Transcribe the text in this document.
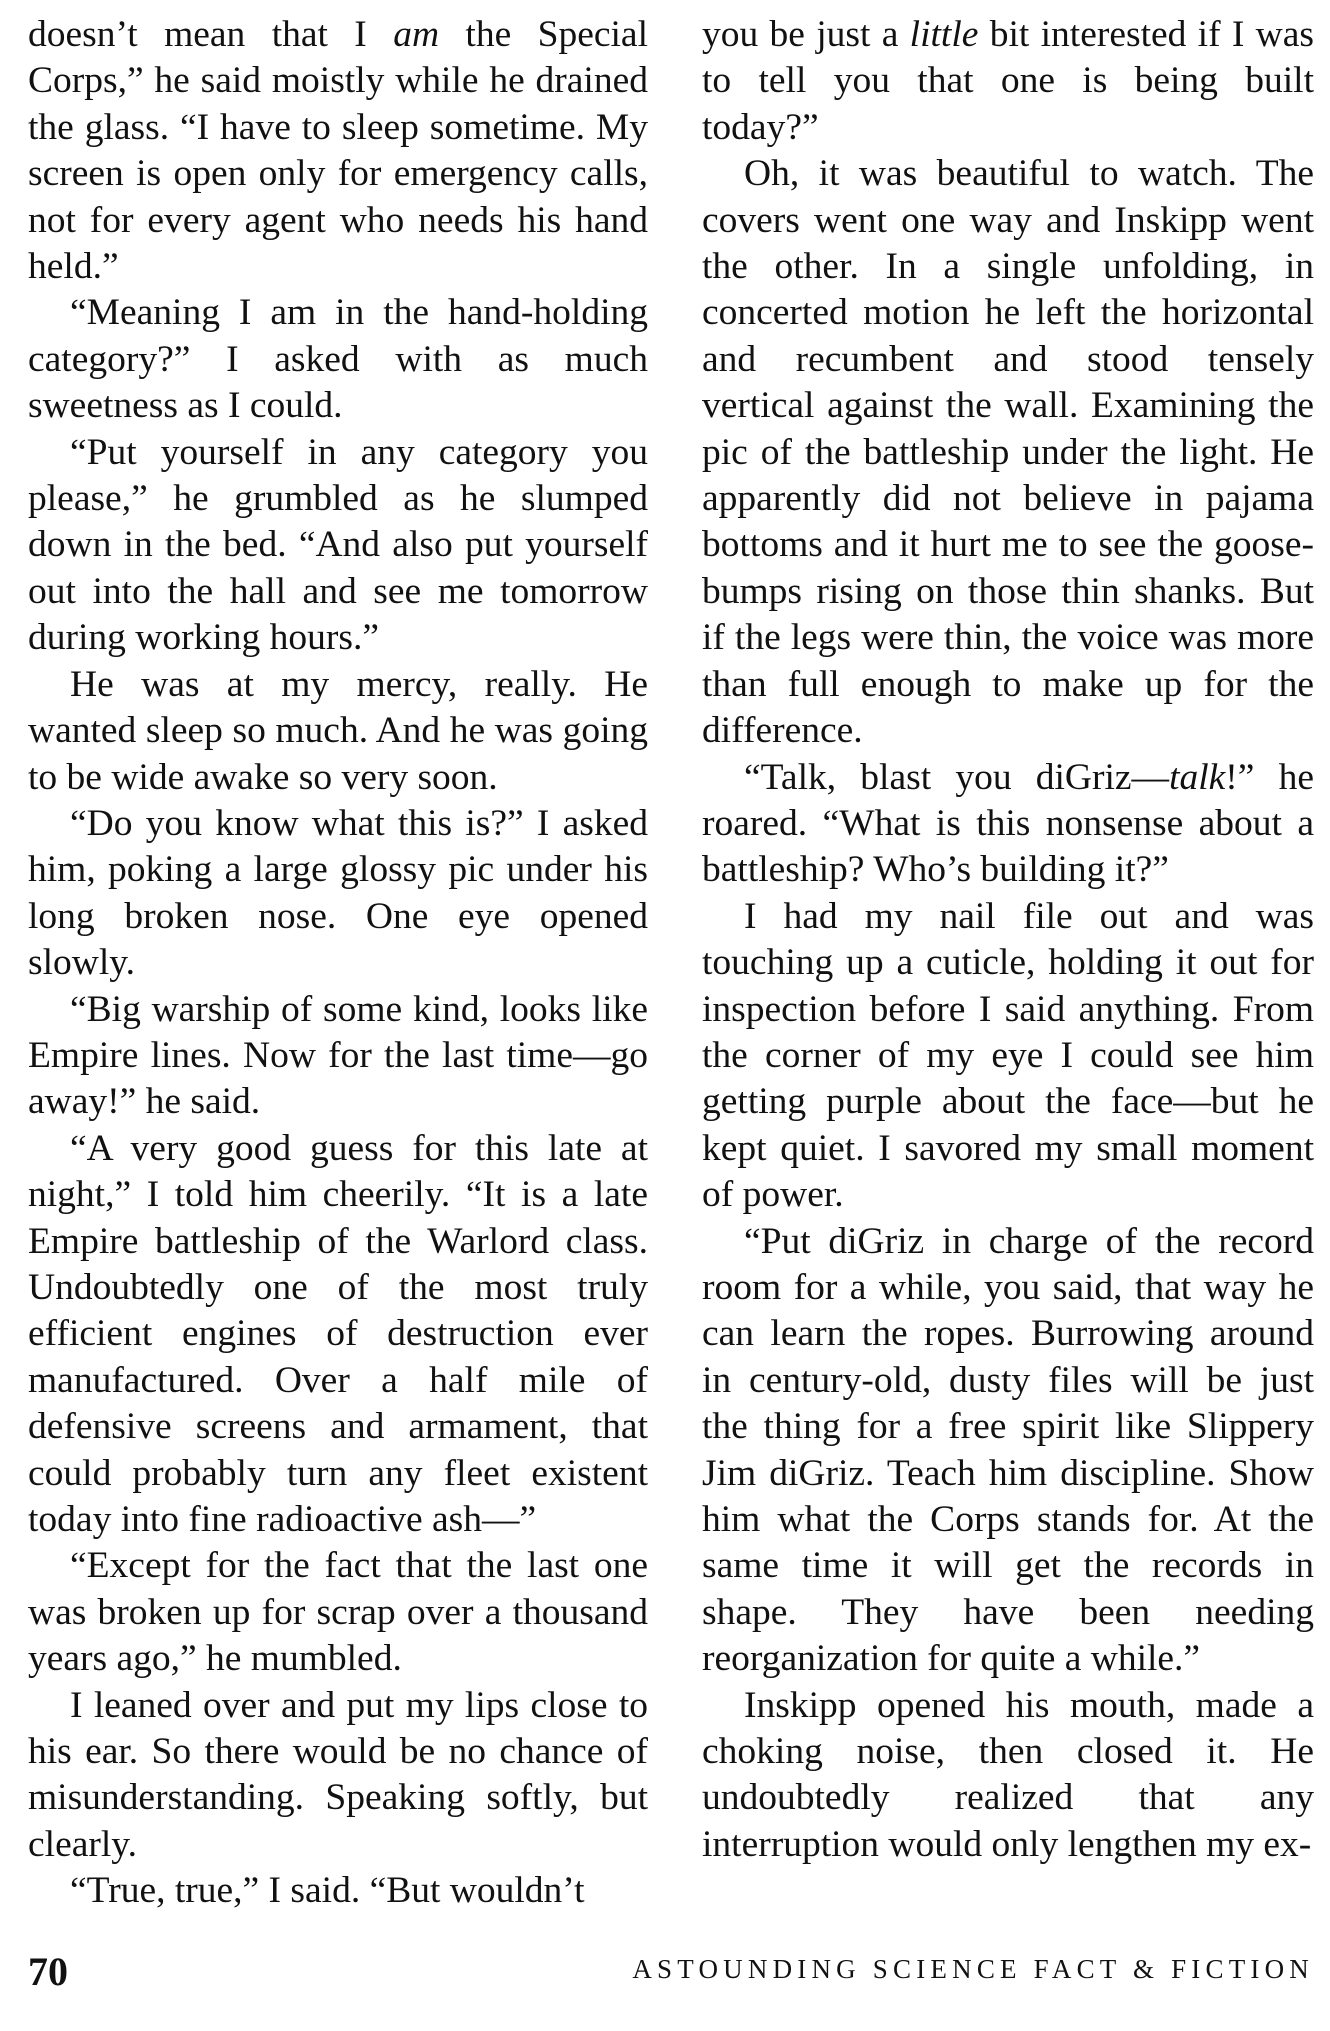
doesn’t mean that I am the Special Corps,” he said moistly while he drained the glass. “I have to sleep sometime. My screen is open only for emergency calls, not for every agent who needs his hand held.”

“Meaning I am in the hand-holding category?” I asked with as much sweetness as I could.

“Put yourself in any category you please,” he grumbled as he slumped down in the bed. “And also put yourself out into the hall and see me tomorrow during working hours.”

He was at my mercy, really. He wanted sleep so much. And he was going to be wide awake so very soon.

“Do you know what this is?” I asked him, poking a large glossy pic under his long broken nose. One eye opened slowly.

“Big warship of some kind, looks like Empire lines. Now for the last time—go away!” he said.

“A very good guess for this late at night,” I told him cheerily. “It is a late Empire battleship of the Warlord class. Undoubtedly one of the most truly efficient engines of destruction ever manufactured. Over a half mile of defensive screens and armament, that could probably turn any fleet existent today into fine radioactive ash—”

“Except for the fact that the last one was broken up for scrap over a thousand years ago,” he mumbled.

I leaned over and put my lips close to his ear. So there would be no chance of misunderstanding. Speaking softly, but clearly.

“True, true,” I said. “But wouldn’t

you be just a little bit interested if I was to tell you that one is being built today?”

Oh, it was beautiful to watch. The covers went one way and Inskipp went the other. In a single unfolding, in concerted motion he left the horizontal and recumbent and stood tensely vertical against the wall. Examining the pic of the battleship under the light. He apparently did not believe in pajama bottoms and it hurt me to see the goose-bumps rising on those thin shanks. But if the legs were thin, the voice was more than full enough to make up for the difference.

“Talk, blast you diGriz—talk!” he roared. “What is this nonsense about a battleship? Who’s building it?”

I had my nail file out and was touching up a cuticle, holding it out for inspection before I said anything. From the corner of my eye I could see him getting purple about the face—but he kept quiet. I savored my small moment of power.

“Put diGriz in charge of the record room for a while, you said, that way he can learn the ropes. Burrowing around in century-old, dusty files will be just the thing for a free spirit like Slippery Jim diGriz. Teach him discipline. Show him what the Corps stands for. At the same time it will get the records in shape. They have been needing reorganization for quite a while.”

Inskipp opened his mouth, made a choking noise, then closed it. He undoubtedly realized that any interruption would only lengthen my ex-

70	ASTOUNDING SCIENCE FACT & FICTION
